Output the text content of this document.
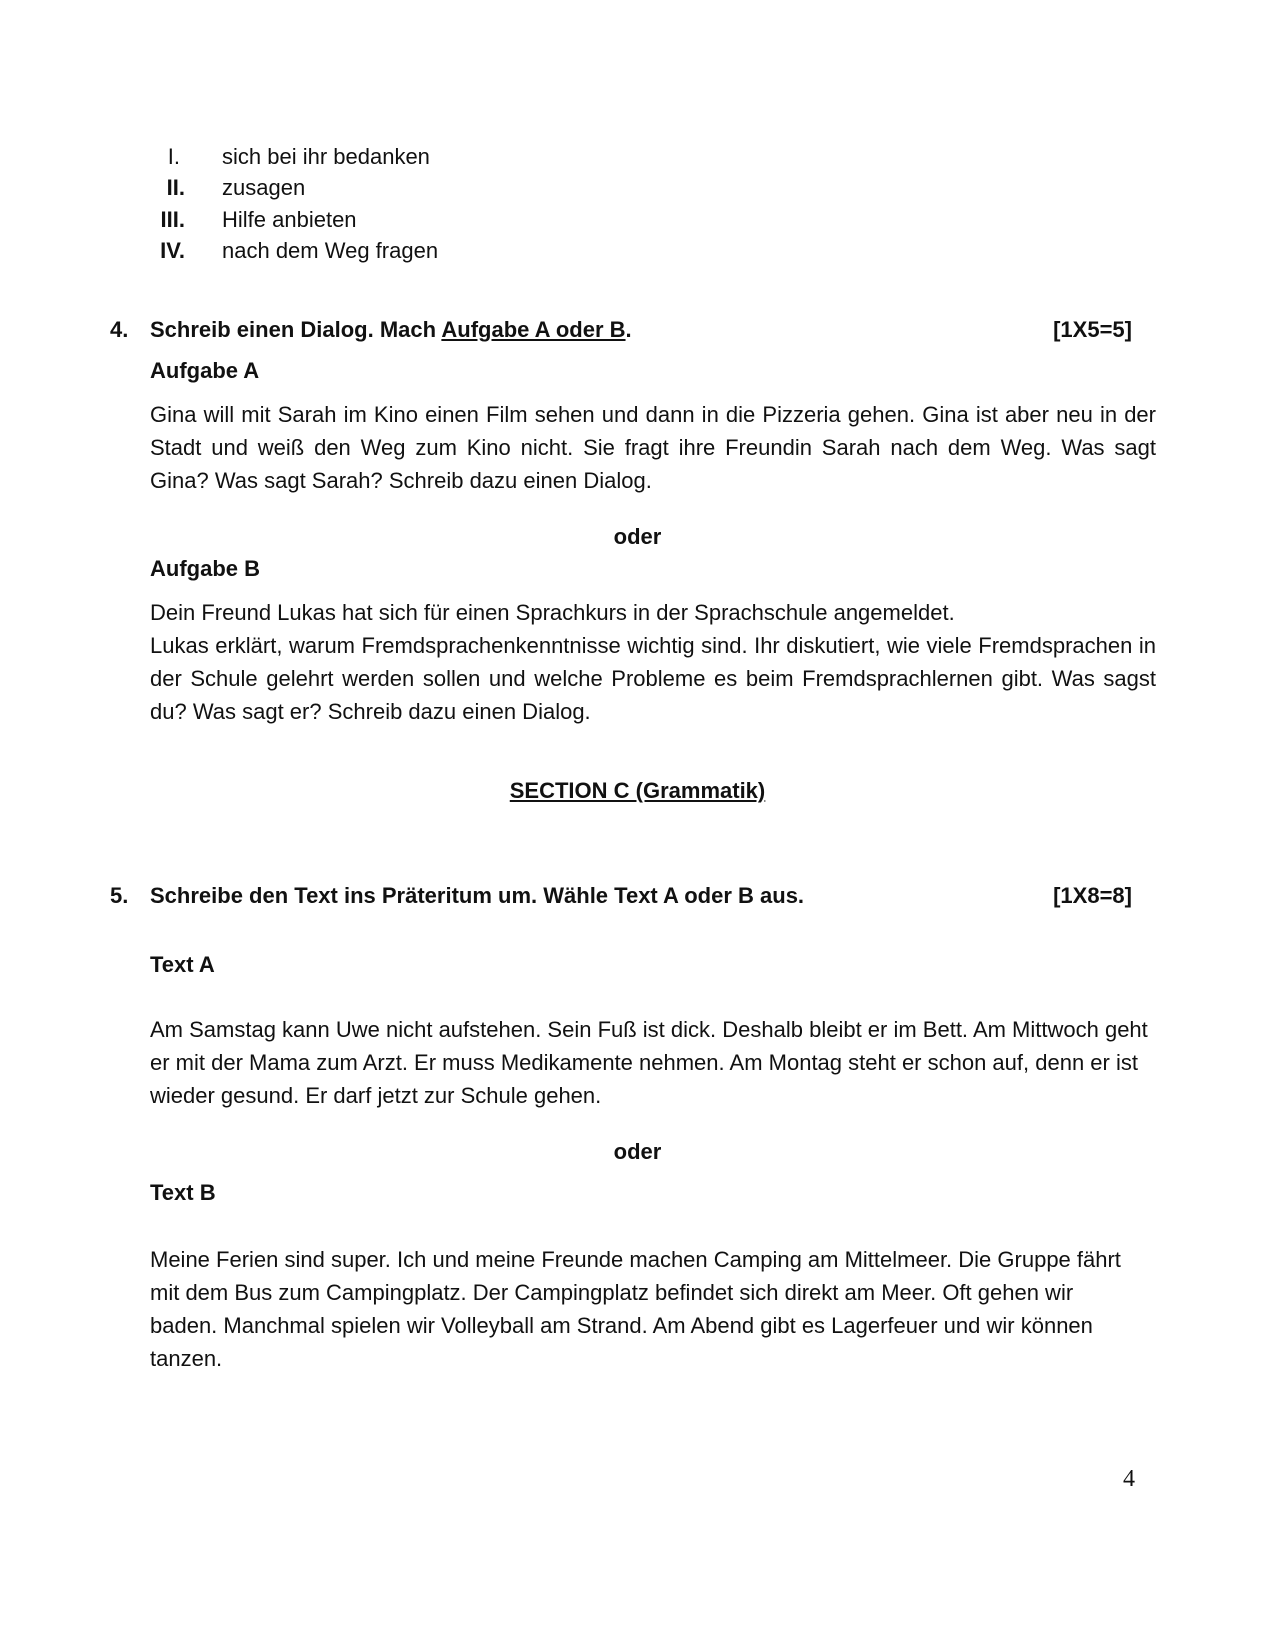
I. sich bei ihr bedanken
II. zusagen
III. Hilfe anbieten
IV. nach dem Weg fragen
4. Schreib einen Dialog. Mach Aufgabe A oder B.	[1X5=5]
Aufgabe A
Gina will mit Sarah im Kino einen Film sehen und dann in die Pizzeria gehen. Gina ist aber neu in der Stadt und weiß den Weg zum Kino nicht. Sie fragt ihre Freundin Sarah nach dem Weg. Was sagt Gina? Was sagt Sarah? Schreib dazu einen Dialog.
oder
Aufgabe B
Dein Freund Lukas hat sich für einen Sprachkurs in der Sprachschule angemeldet.
Lukas erklärt, warum Fremdsprachenkenntnisse wichtig sind. Ihr diskutiert, wie viele Fremdsprachen in der Schule gelehrt werden sollen und welche Probleme es beim Fremdsprachlernen gibt. Was sagst du? Was sagt er? Schreib dazu einen Dialog.
SECTION C (Grammatik)
5. Schreibe den Text ins Präteritum um. Wähle Text A oder B aus.	[1X8=8]
Text A
Am Samstag kann Uwe nicht aufstehen. Sein Fuß ist dick. Deshalb bleibt er im Bett. Am Mittwoch geht er mit der Mama zum Arzt. Er muss Medikamente nehmen. Am Montag steht er schon auf, denn er ist wieder gesund. Er darf jetzt zur Schule gehen.
oder
Text B
Meine Ferien sind super. Ich und meine Freunde machen Camping am Mittelmeer. Die Gruppe fährt mit dem Bus zum Campingplatz. Der Campingplatz befindet sich direkt am Meer. Oft gehen wir baden. Manchmal spielen wir Volleyball am Strand. Am Abend gibt es Lagerfeuer und wir können tanzen.
4
